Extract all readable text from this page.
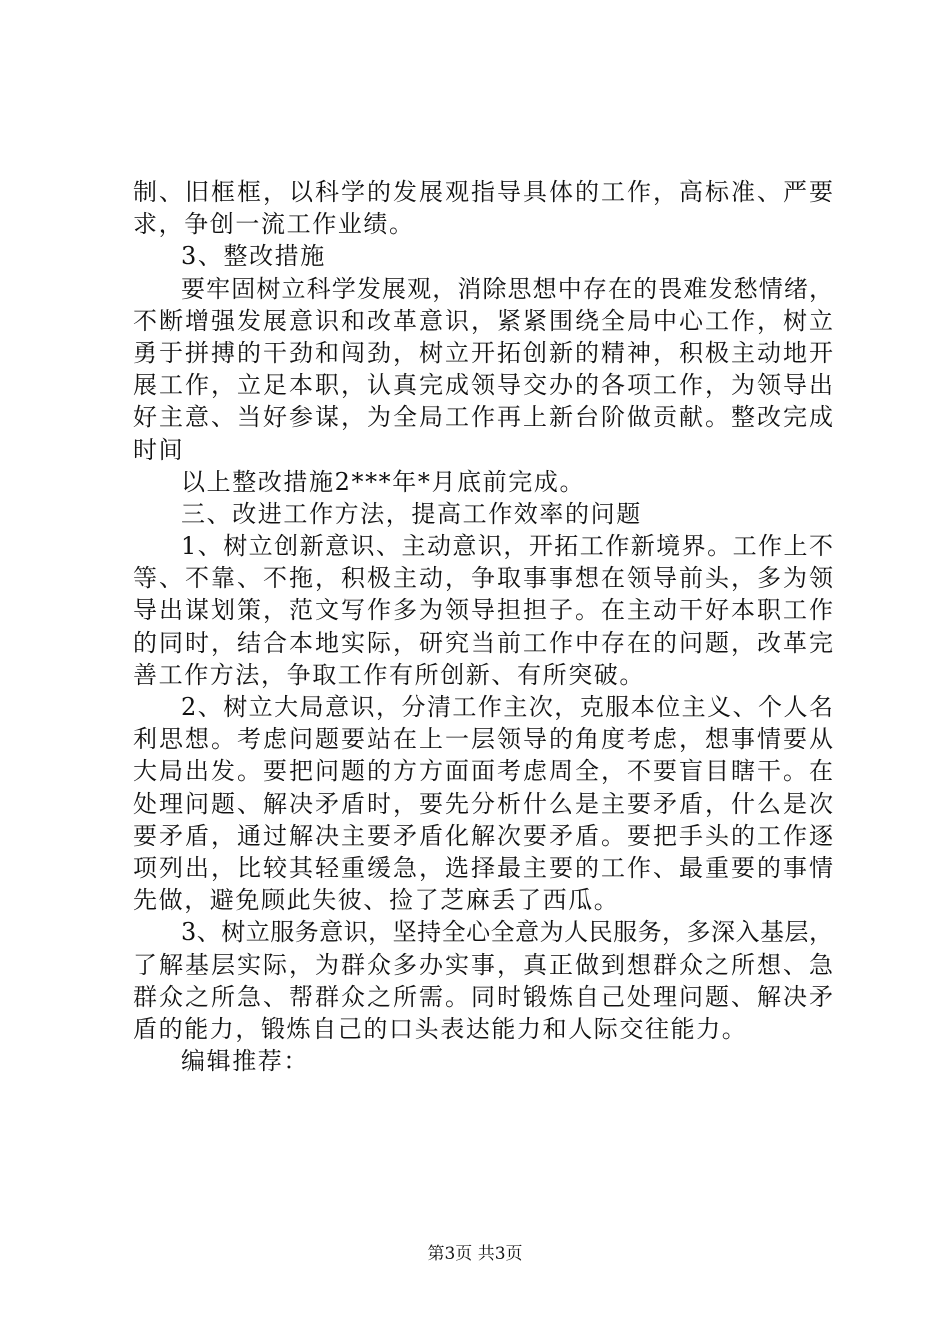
制、旧框框，以科学的发展观指导具体的工作，高标准、严要
求，争创一流工作业绩。
3、整改措施
要牢固树立科学发展观，消除思想中存在的畏难发愁情绪，
不断增强发展意识和改革意识，紧紧围绕全局中心工作，树立
勇于拼搏的干劲和闯劲，树立开拓创新的精神，积极主动地开
展工作，立足本职，认真完成领导交办的各项工作，为领导出
好主意、当好参谋，为全局工作再上新台阶做贡献。整改完成
时间
以上整改措施2***年*月底前完成。
三、改进工作方法，提高工作效率的问题
1、树立创新意识、主动意识，开拓工作新境界。工作上不
等、不靠、不拖，积极主动，争取事事想在领导前头，多为领
导出谋划策，范文写作多为领导担担子。在主动干好本职工作
的同时，结合本地实际，研究当前工作中存在的问题，改革完
善工作方法，争取工作有所创新、有所突破。
2、树立大局意识，分清工作主次，克服本位主义、个人名
利思想。考虑问题要站在上一层领导的角度考虑，想事情要从
大局出发。要把问题的方方面面考虑周全，不要盲目瞎干。在
处理问题、解决矛盾时，要先分析什么是主要矛盾，什么是次
要矛盾，通过解决主要矛盾化解次要矛盾。要把手头的工作逐
项列出，比较其轻重缓急，选择最主要的工作、最重要的事情
先做，避免顾此失彼、捡了芝麻丢了西瓜。
3、树立服务意识，坚持全心全意为人民服务，多深入基层，
了解基层实际，为群众多办实事，真正做到想群众之所想、急
群众之所急、帮群众之所需。同时锻炼自己处理问题、解决矛
盾的能力，锻炼自己的口头表达能力和人际交往能力。
编辑推荐：
第3页 共3页
